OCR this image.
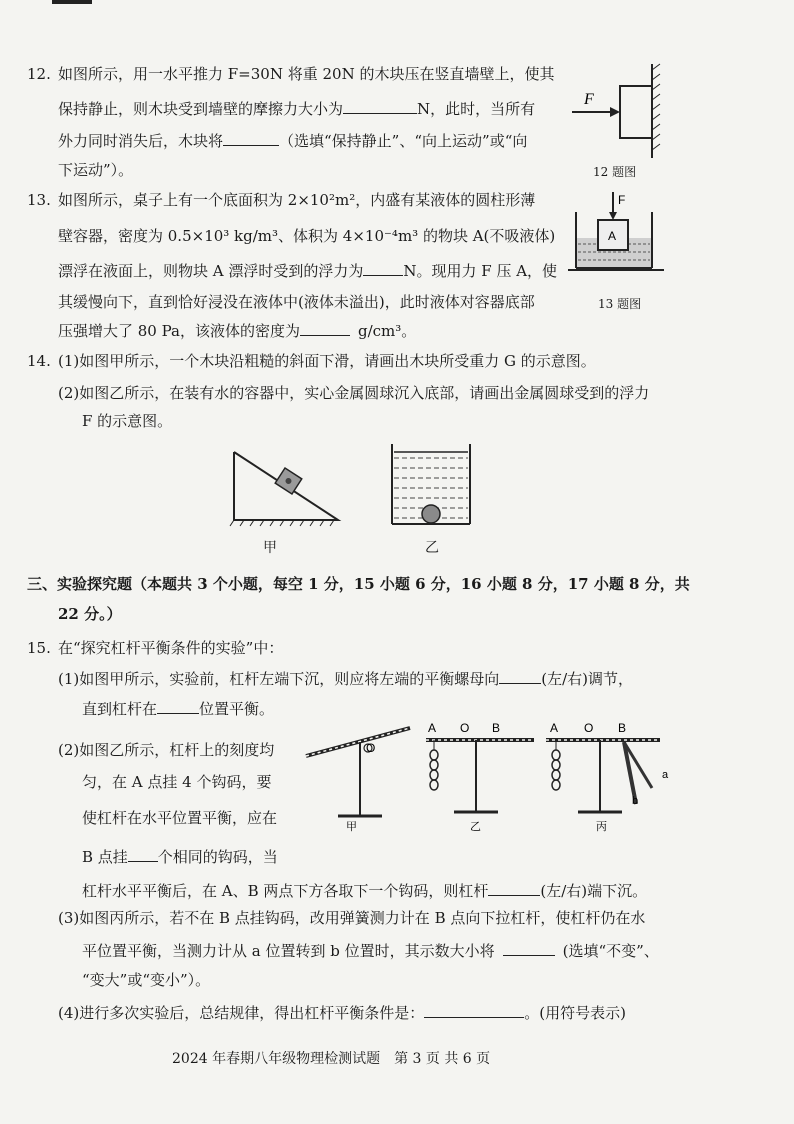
12. 如图所示，用一水平推力 F=30N 将重 20N 的木块压在竖直墙壁上，使其
保持静止，则木块受到墙壁的摩擦力大小为	N，此时，当所有
外力同时消失后，木块将	（选填“保持静止”、“向上运动”或“向
下运动”）。
F
12 题图
13. 如图所示，桌子上有一个底面积为 2×10²m²，内盛有某液体的圆柱形薄
壁容器，密度为 0.5×10³ kg/m³、体积为 4×10⁻⁴m³ 的物块 A(不吸液体)
漂浮在液面上，则物块 A 漂浮时受到的浮力为	N。现用力 F 压 A，使
其缓慢向下，直到恰好浸没在液体中(液体未溢出)，此时液体对容器底部
压强增大了 80 Pa，该液体的密度为	g/cm³。
A
F
13 题图
14. (1)如图甲所示，一个木块沿粗糙的斜面下滑，请画出木块所受重力 G 的示意图。
(2)如图乙所示，在装有水的容器中，实心金属圆球沉入底部，请画出金属圆球受到的浮力
F 的示意图。
甲	乙
三、实验探究题（本题共 3 个小题，每空 1 分，15 小题 6 分，16 小题 8 分，17 小题 8 分，共
22 分。）
15. 在“探究杠杆平衡条件的实验”中：
(1)如图甲所示，实验前，杠杆左端下沉，则应将左端的平衡螺母向	(左/右)调节，
直到杠杆在	位置平衡。
(2)如图乙所示，杠杆上的刻度均
匀，在 A 点挂 4 个钩码，要
使杠杆在水平位置平衡，应在
B 点挂 个相同的钩码，当
杠杆水平平衡后，在 A、B 两点下方各取下一个钩码，则杠杆	(左/右)端下沉。
(3)如图丙所示，若不在 B 点挂钩码，改用弹簧测力计在 B 点向下拉杠杆，使杠杆仍在水
平位置平衡，当测力计从 a 位置转到 b 位置时，其示数大小将	(选填“不变”、
“变大”或“变小”）。
(4)进行多次实验后，总结规律，得出杠杆平衡条件是：	。(用符号表示)
O
甲
A O B
乙
A O B
a
b
丙
2024 年春期八年级物理检测试题　第 3 页 共 6 页
